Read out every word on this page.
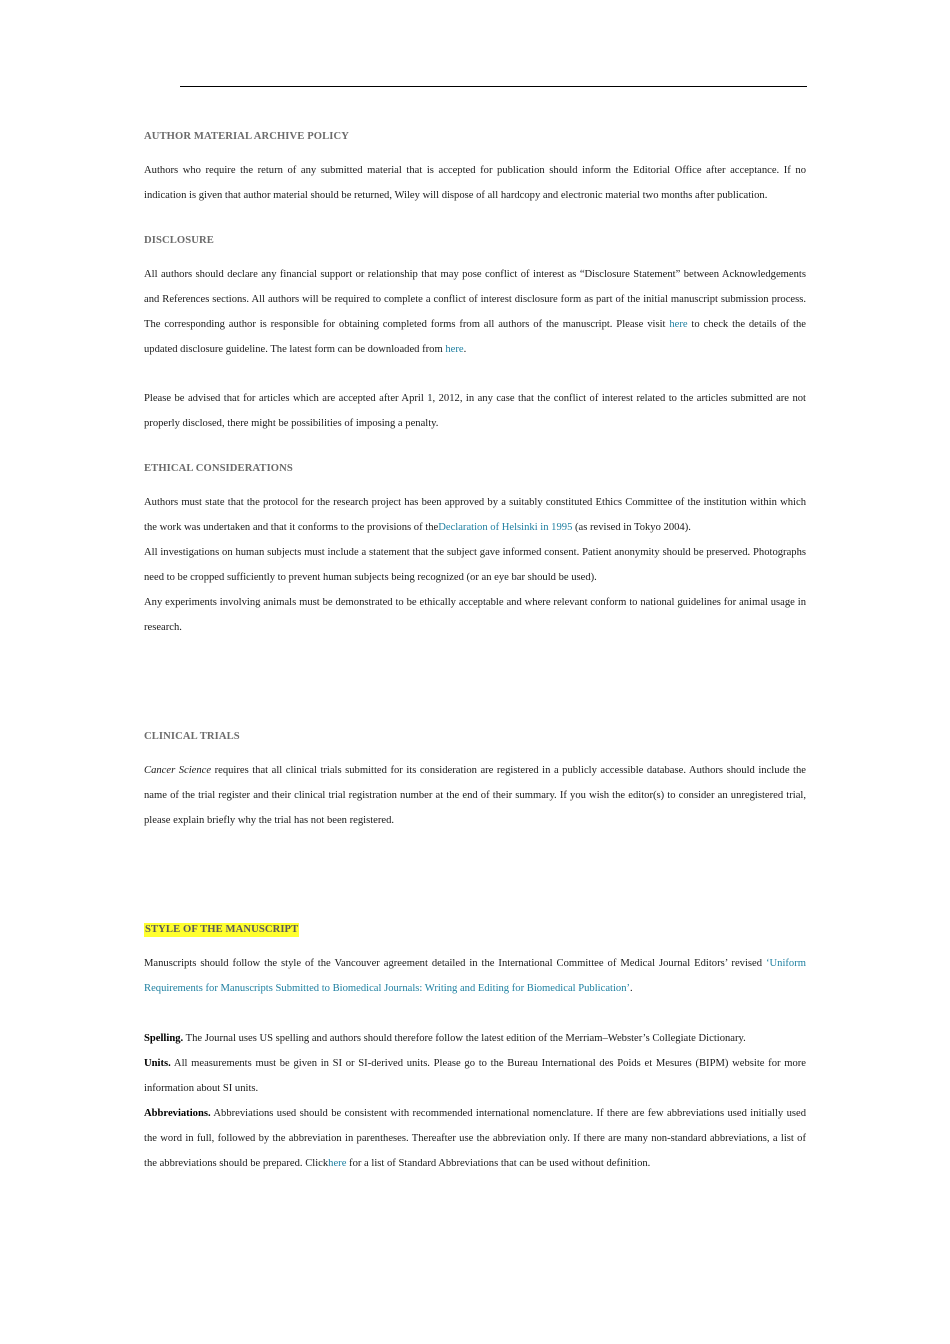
AUTHOR MATERIAL ARCHIVE POLICY
Authors who require the return of any submitted material that is accepted for publication should inform the Editorial Office after acceptance. If no indication is given that author material should be returned, Wiley will dispose of all hardcopy and electronic material two months after publication.
DISCLOSURE
All authors should declare any financial support or relationship that may pose conflict of interest as “Disclosure Statement” between Acknowledgements and References sections. All authors will be required to complete a conflict of interest disclosure form as part of the initial manuscript submission process. The corresponding author is responsible for obtaining completed forms from all authors of the manuscript. Please visit here to check the details of the updated disclosure guideline. The latest form can be downloaded from here.
Please be advised that for articles which are accepted after April 1, 2012, in any case that the conflict of interest related to the articles submitted are not properly disclosed, there might be possibilities of imposing a penalty.
ETHICAL CONSIDERATIONS
Authors must state that the protocol for the research project has been approved by a suitably constituted Ethics Committee of the institution within which the work was undertaken and that it conforms to the provisions of theDeclaration of Helsinki in 1995 (as revised in Tokyo 2004).
All investigations on human subjects must include a statement that the subject gave informed consent. Patient anonymity should be preserved. Photographs need to be cropped sufficiently to prevent human subjects being recognized (or an eye bar should be used).
Any experiments involving animals must be demonstrated to be ethically acceptable and where relevant conform to national guidelines for animal usage in research.
CLINICAL TRIALS
Cancer Science requires that all clinical trials submitted for its consideration are registered in a publicly accessible database. Authors should include the name of the trial register and their clinical trial registration number at the end of their summary. If you wish the editor(s) to consider an unregistered trial, please explain briefly why the trial has not been registered.
STYLE OF THE MANUSCRIPT
Manuscripts should follow the style of the Vancouver agreement detailed in the International Committee of Medical Journal Editors’ revised ‘Uniform Requirements for Manuscripts Submitted to Biomedical Journals: Writing and Editing for Biomedical Publication’.
Spelling. The Journal uses US spelling and authors should therefore follow the latest edition of the Merriam–Webster’s Collegiate Dictionary.
Units. All measurements must be given in SI or SI-derived units. Please go to the Bureau International des Poids et Mesures (BIPM) website for more information about SI units.
Abbreviations. Abbreviations used should be consistent with recommended international nomenclature. If there are few abbreviations used initially used the word in full, followed by the abbreviation in parentheses. Thereafter use the abbreviation only. If there are many non-standard abbreviations, a list of the abbreviations should be prepared. Clickhere for a list of Standard Abbreviations that can be used without definition.
